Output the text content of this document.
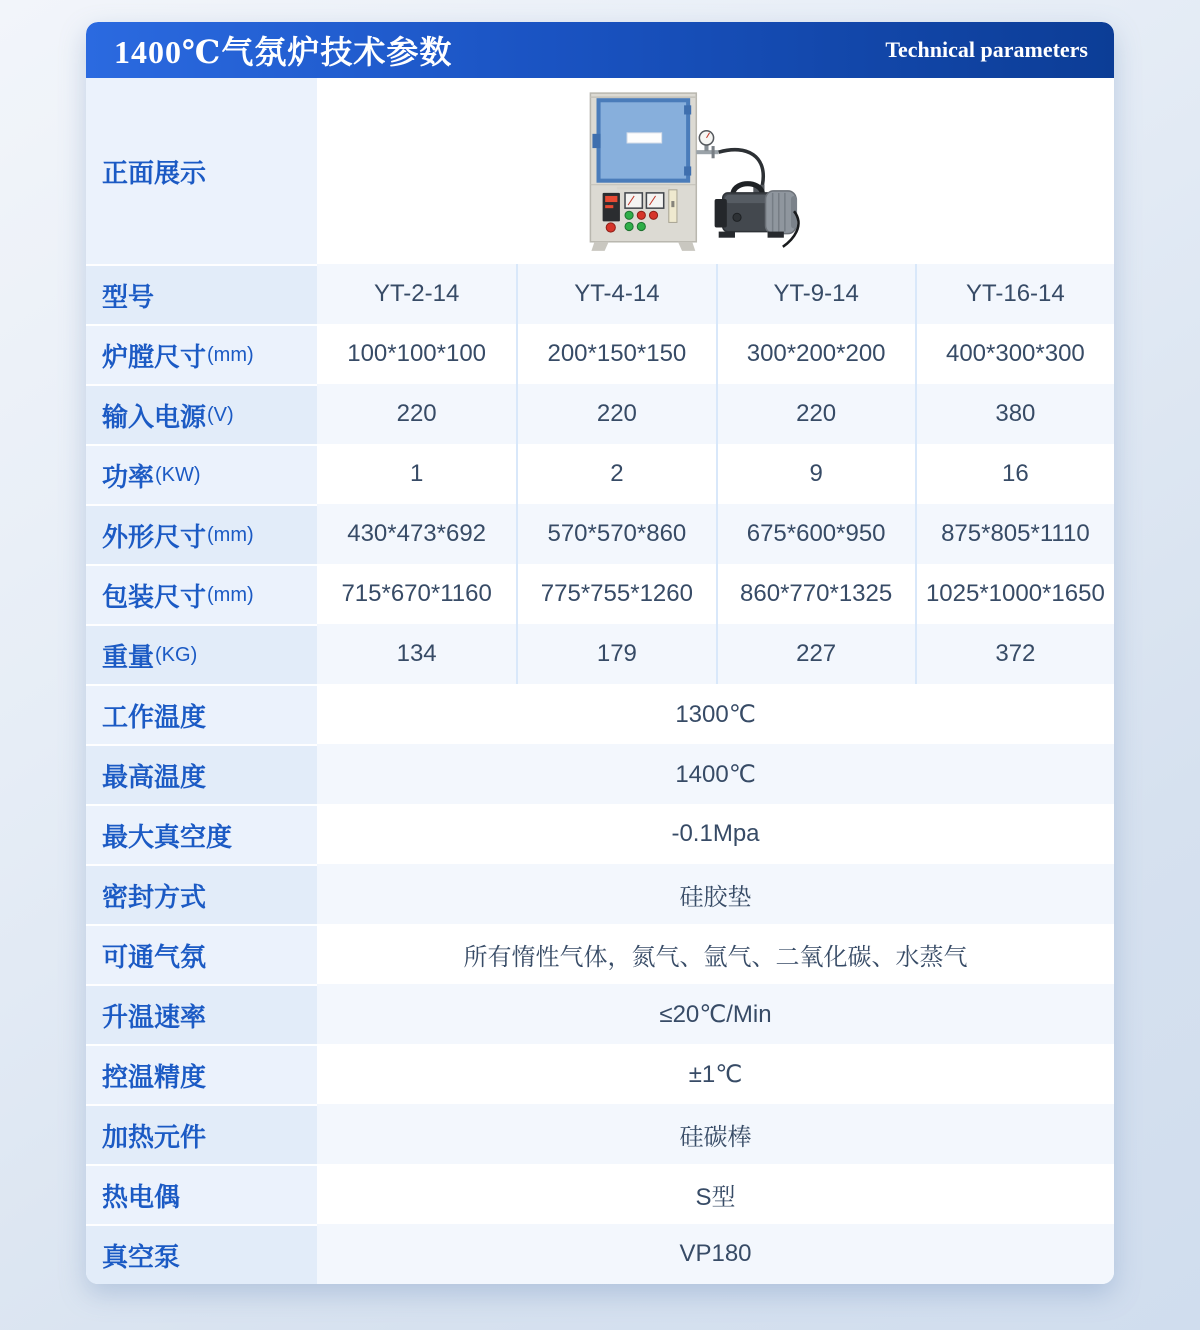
1400℃气氛炉技术参数	Technical parameters
正面展示
型号	YT-2-14	YT-4-14	YT-9-14	YT-16-14
炉膛尺寸 (mm)	100*100*100	200*150*150	300*200*200	400*300*300
输入电源 (V)	220	220	220	380
功率 (KW)	1	2	9	16
外形尺寸 (mm)	430*473*692	570*570*860	675*600*950	875*805*1110
包装尺寸 (mm)	715*670*1160	775*755*1260	860*770*1325	1025*1000*1650
重量 (KG)	134	179	227	372
工作温度	1300℃
最高温度	1400℃
最大真空度	-0.1Mpa
密封方式	硅胶垫
可通气氛	所有惰性气体，氮气、氩气、二氧化碳、水蒸气
升温速率	≤20℃/Min
控温精度	±1℃
加热元件	硅碳棒
热电偶	S型
真空泵	VP180
